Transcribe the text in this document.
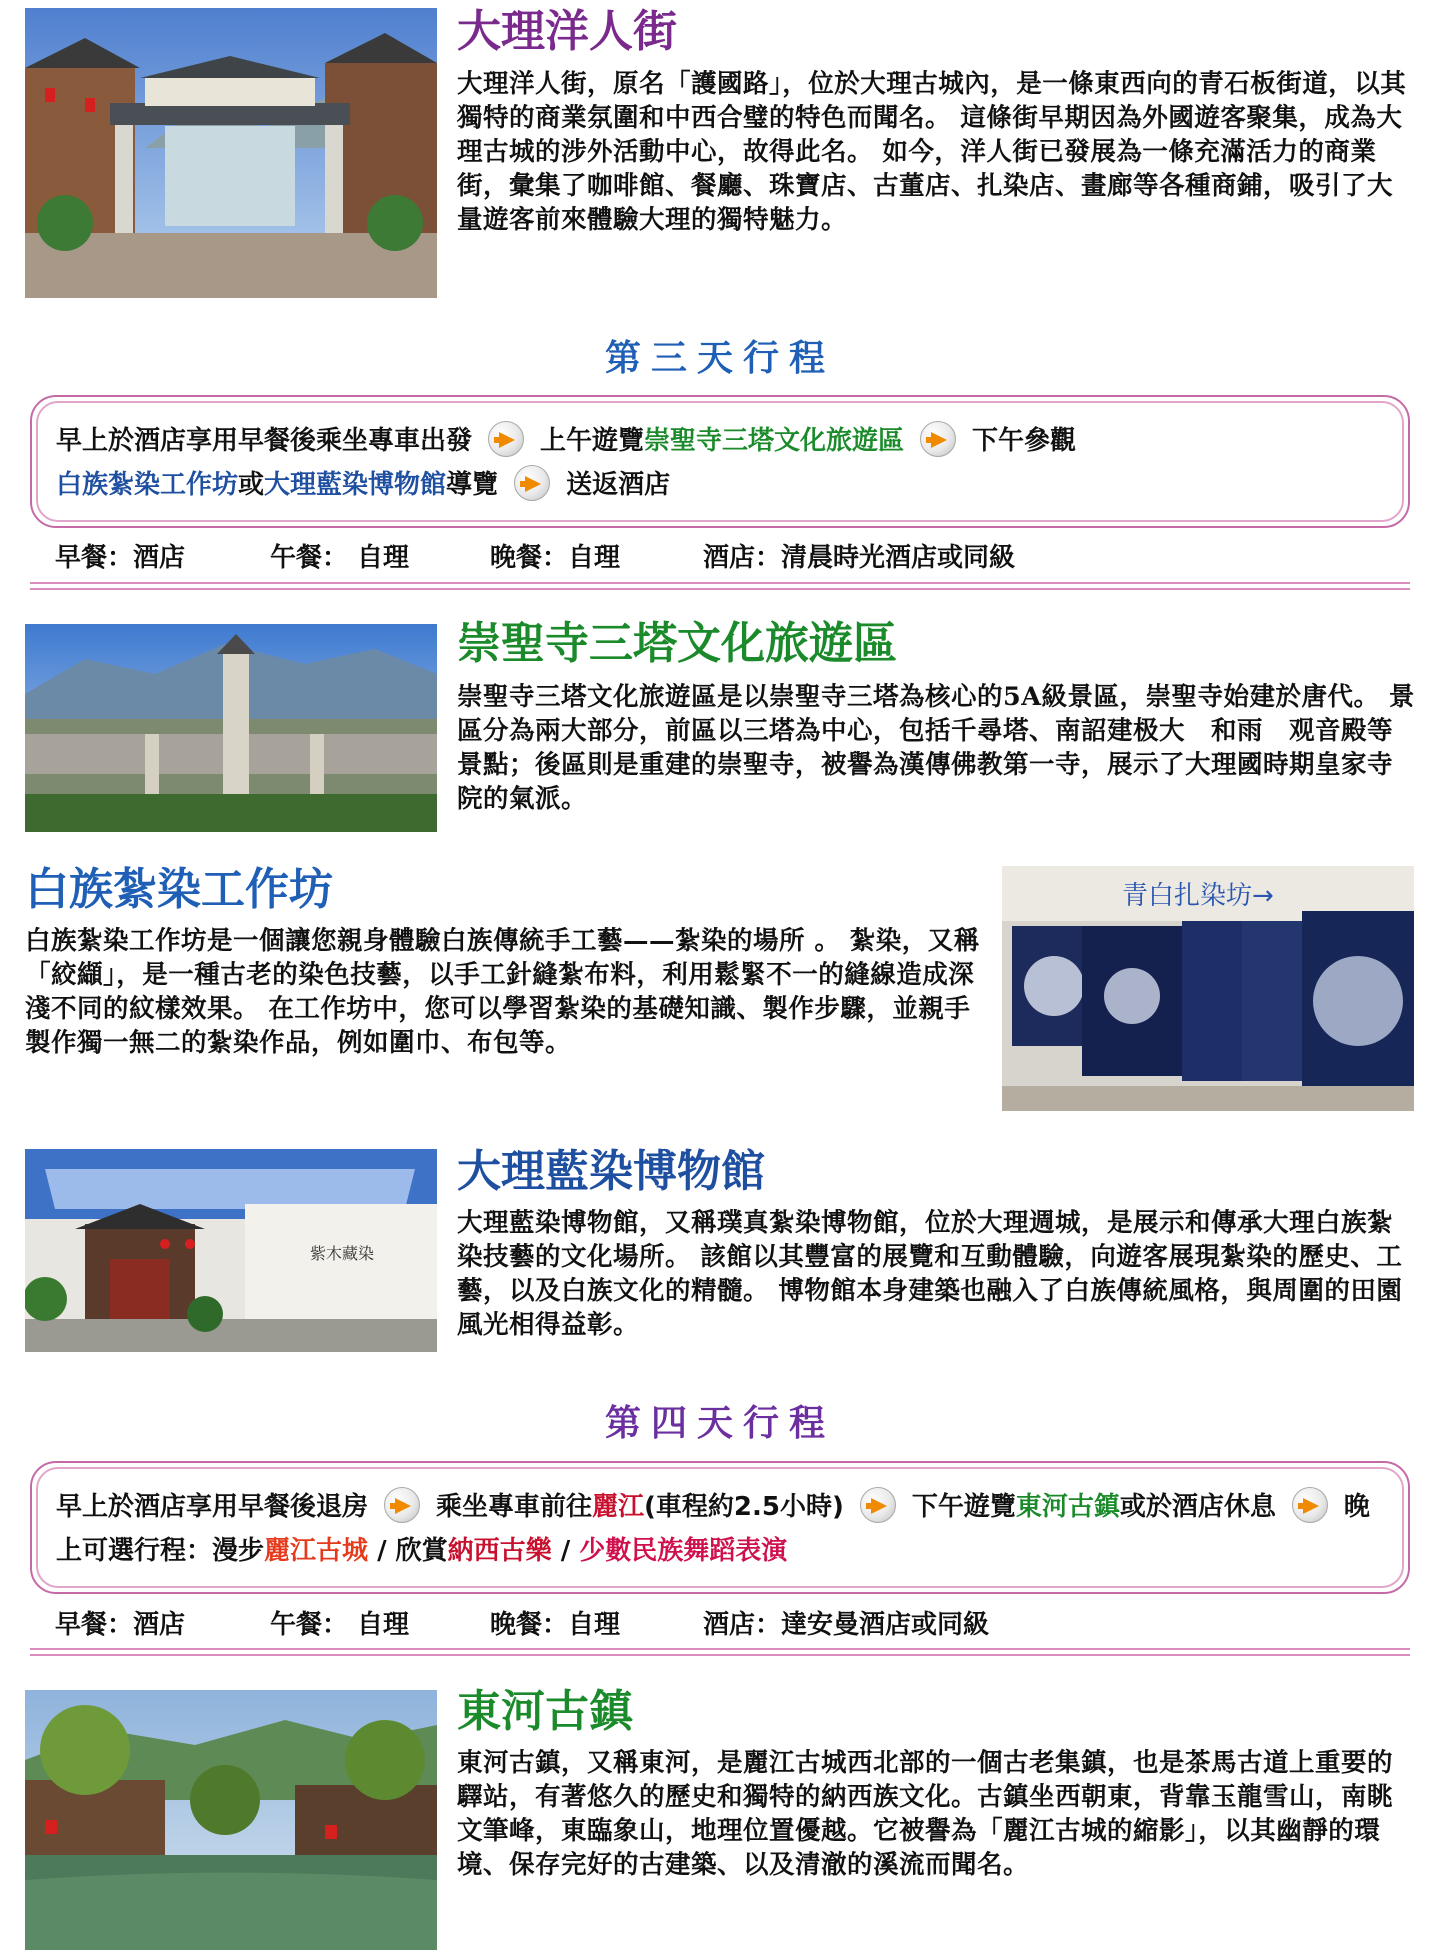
大理洋人街
大理洋人街，原名「護國路」，位於大理古城內，是一條東西向的青石板街道，以其獨特的商業氛圍和中西合璧的特色而聞名。 這條街早期因為外國遊客聚集，成為大理古城的涉外活動中心，故得此名。 如今，洋人街已發展為一條充滿活力的商業街，彙集了咖啡館、餐廳、珠寶店、古董店、扎染店、畫廊等各種商鋪，吸引了大量遊客前來體驗大理的獨特魅力。
第三天行程
早上於酒店享用早餐後乘坐專車出發	上午遊覽崇聖寺三塔文化旅遊區	下午參觀
白族紮染工作坊或大理藍染博物館導覽	送返酒店
早餐：酒店	午餐： 自理	晚餐：自理	酒店：清晨時光酒店或同級
崇聖寺三塔文化旅遊區
崇聖寺三塔文化旅遊區是以崇聖寺三塔為核心的5A級景區，崇聖寺始建於唐代。 景區分為兩大部分，前區以三塔為中心，包括千尋塔、南詔建极大　和雨　观音殿等景點；後區則是重建的崇聖寺，被譽為漢傳佛教第一寺，展示了大理國時期皇家寺院的氣派。
白族紮染工作坊
白族紮染工作坊是一個讓您親身體驗白族傳統手工藝——紮染的場所 。 紮染，又稱「絞纈」，是一種古老的染色技藝，以手工針縫紮布料，利用鬆緊不一的縫線造成深淺不同的紋樣效果。 在工作坊中，您可以學習紮染的基礎知識、製作步驟，並親手製作獨一無二的紮染作品，例如圍巾、布包等。
青白扎染坊→
紫木藏染
大理藍染博物館
大理藍染博物館，又稱璞真紮染博物館，位於大理週城，是展示和傳承大理白族紮染技藝的文化場所。 該館以其豐富的展覽和互動體驗，向遊客展現紮染的歷史、工藝，以及白族文化的精髓。 博物館本身建築也融入了白族傳統風格，與周圍的田園風光相得益彰。
第四天行程
早上於酒店享用早餐後退房	乘坐專車前往麗江(車程約2.5小時)	下午遊覽東河古鎮或於酒店休息	晚上可選行程：漫步麗江古城 / 欣賞納西古樂 / 少數民族舞蹈表演
早餐：酒店	午餐： 自理	晚餐：自理	酒店：達安曼酒店或同級
東河古鎮
東河古鎮，又稱東河，是麗江古城西北部的一個古老集鎮，也是茶馬古道上重要的驛站，有著悠久的歷史和獨特的納西族文化。古鎮坐西朝東，背靠玉龍雪山，南眺文筆峰，東臨象山，地理位置優越。它被譽為「麗江古城的縮影」，以其幽靜的環境、保存完好的古建築、以及清澈的溪流而聞名。
